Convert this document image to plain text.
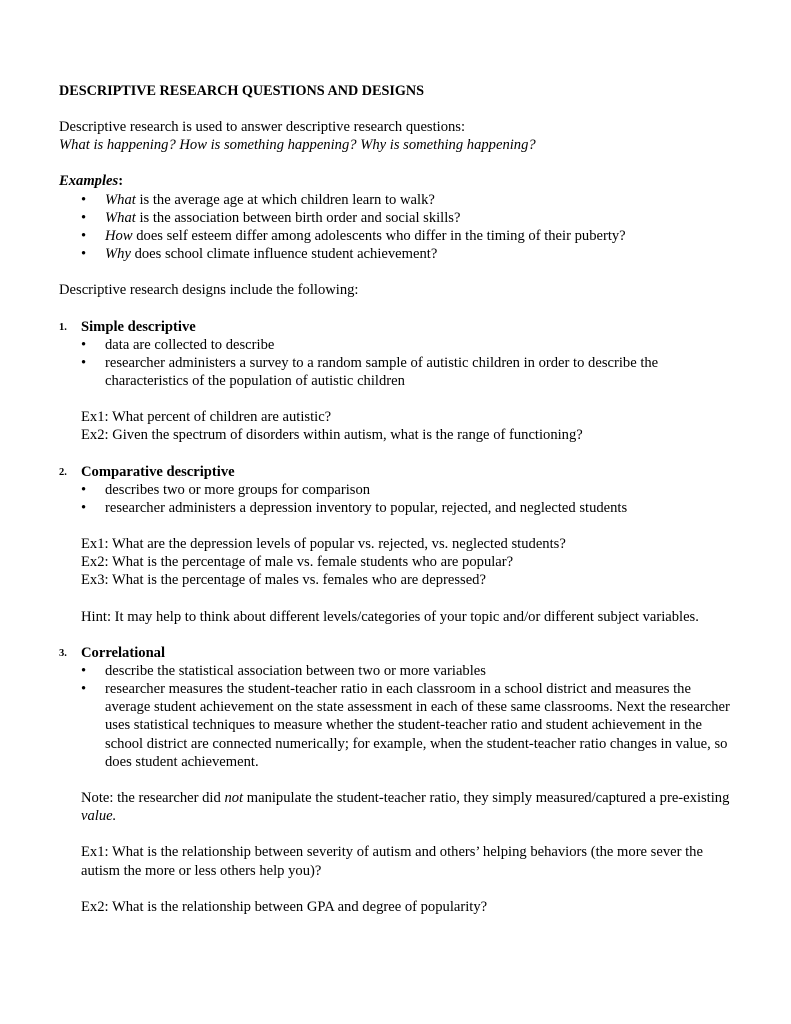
DESCRIPTIVE RESEARCH QUESTIONS AND DESIGNS

Descriptive research is used to answer descriptive research questions:

What is happening? How is something happening? Why is something happening?

Examples:

• What is the average age at which children learn to walk?
• What is the association between birth order and social skills?
• How does self esteem differ among adolescents who differ in the timing of their puberty?
• Why does school climate influence student achievement?

Descriptive research designs include the following:

1. Simple descriptive

• data are collected to describe
• researcher administers a survey to a random sample of autistic children in order to describe the characteristics of the population of autistic children

Ex1: What percent of children are autistic?

Ex2: Given the spectrum of disorders within autism, what is the range of functioning?

2. Comparative descriptive

• describes two or more groups for comparison
• researcher administers a depression inventory to popular, rejected, and neglected students

Ex1: What are the depression levels of popular vs. rejected, vs. neglected students?

Ex2: What is the percentage of male vs. female students who are popular?

Ex3: What is the percentage of males vs. females who are depressed?

Hint: It may help to think about different levels/categories of your topic and/or different subject variables.

3. Correlational

• describe the statistical association between two or more variables
• researcher measures the student-teacher ratio in each classroom in a school district and measures the average student achievement on the state assessment in each of these same classrooms. Next the researcher uses statistical techniques to measure whether the student-teacher ratio and student achievement in the school district are connected numerically; for example, when the student-teacher ratio changes in value, so does student achievement.

Note: the researcher did not manipulate the student-teacher ratio, they simply measured/captured a pre-existing value.

Ex1: What is the relationship between severity of autism and others’ helping behaviors (the more sever the autism the more or less others help you)?

Ex2: What is the relationship between GPA and degree of popularity?
